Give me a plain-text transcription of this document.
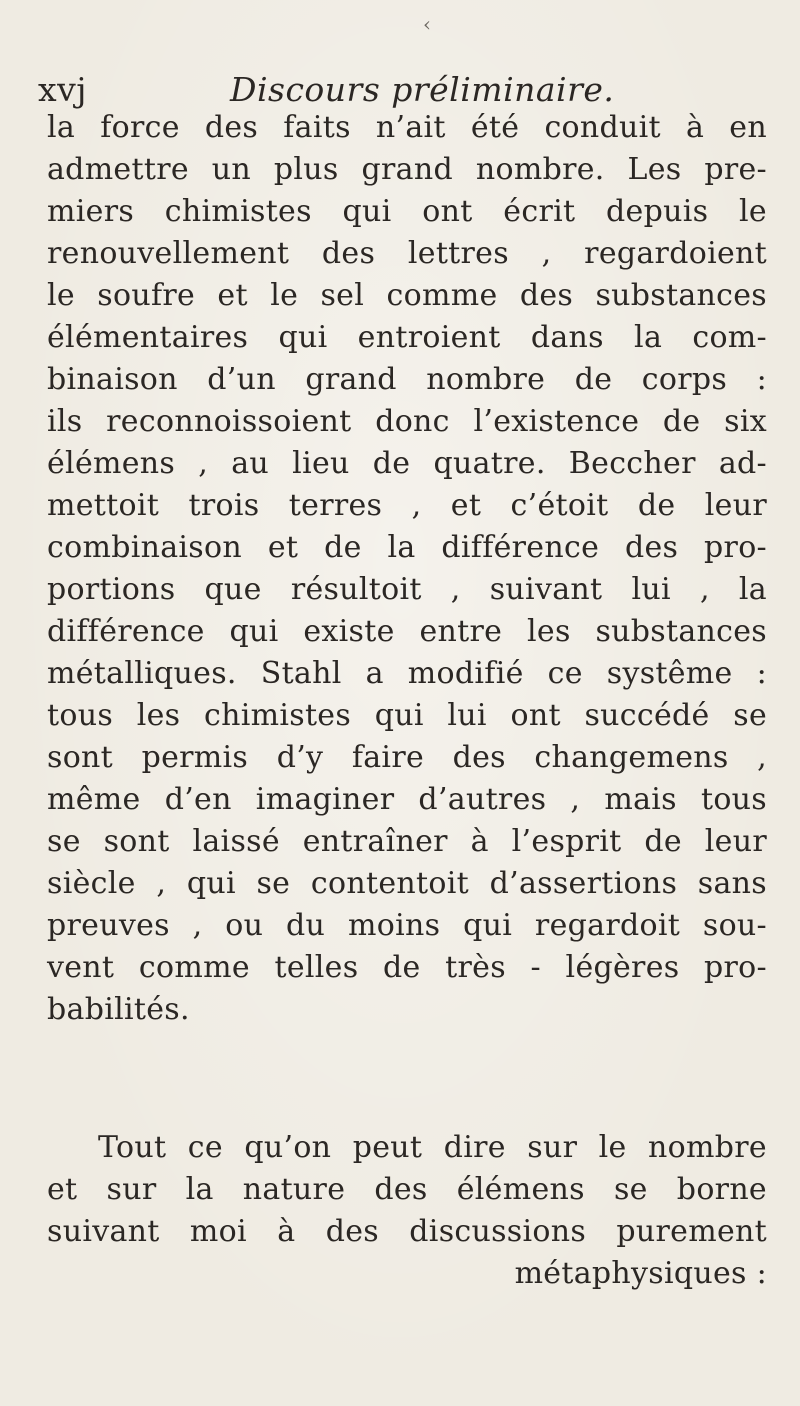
‹
xvj	Discours préliminaire.
la force des faits n’ait été conduit à en
admettre un plus grand nombre. Les pre-
miers chimistes qui ont écrit depuis le
renouvellement des lettres , regardoient
le soufre et le sel comme des substances
élémentaires qui entroient dans la com-
binaison d’un grand nombre de corps :
ils reconnoissoient donc l’existence de six
élémens , au lieu de quatre. Beccher ad-
mettoit trois terres , et c’étoit de leur
combinaison et de la différence des pro-
portions que résultoit , suivant lui , la
différence qui existe entre les substances
métalliques. Stahl a modifié ce systême :
tous les chimistes qui lui ont succédé se
sont permis d’y faire des changemens ,
même d’en imaginer d’autres , mais tous
se sont laissé entraîner à l’esprit de leur
siècle , qui se contentoit d’assertions sans
preuves , ou du moins qui regardoit sou-
vent comme telles de très - légères pro-
babilités.
Tout ce qu’on peut dire sur le nombre
et sur la nature des élémens se borne
suivant moi à des discussions purement
métaphysiques :
